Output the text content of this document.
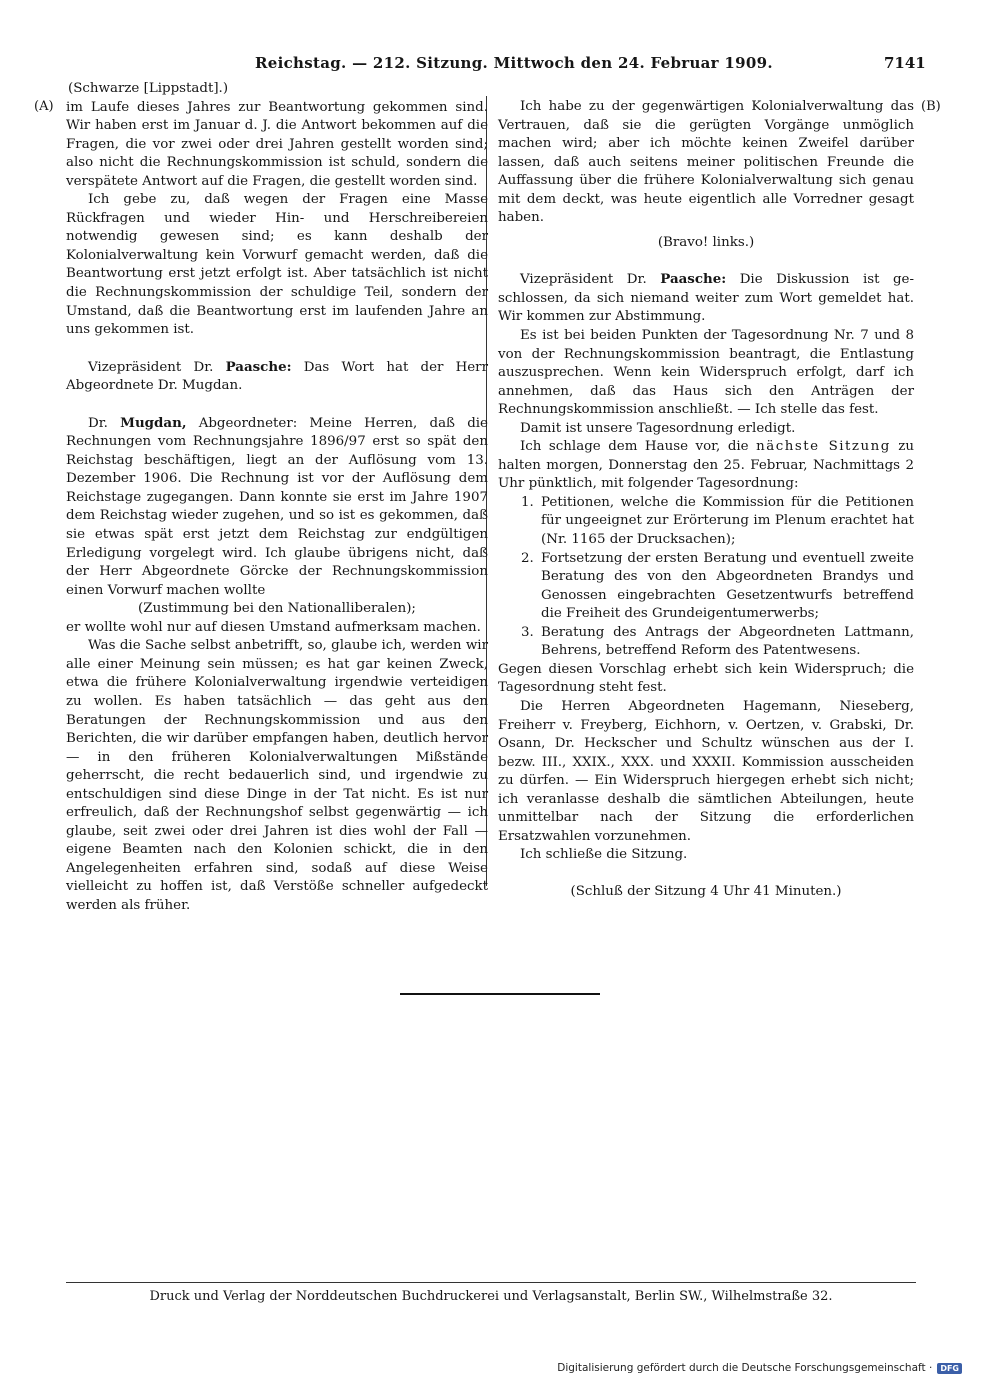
Reichstag. — 212. Sitzung. Mittwoch den 24. Februar 1909.	7141
(A)	(B)

(Schwarze [Lippstadt].)

im Laufe dieses Jahres zur Beantwortung gekommen sind. Wir haben erst im Januar d. J. die Antwort bekommen auf die Fragen, die vor zwei oder drei Jahren gestellt worden sind; also nicht die Rechnungskommission ist schuld, sondern die verspätete Antwort auf die Fragen, die gestellt worden sind.

Ich gebe zu, daß wegen der Fragen eine Masse Rückfragen und wieder Hin- und Herschreibereien notwendig gewesen sind; es kann deshalb der Kolonialverwaltung kein Vorwurf gemacht werden, daß die Beantwortung erst jetzt erfolgt ist. Aber tatsächlich ist nicht die Rechnungskommission der schuldige Teil, sondern der Umstand, daß die Beantwortung erst im laufenden Jahre an uns gekommen ist.

Vizepräsident Dr. Paasche: Das Wort hat der Herr Abgeordnete Dr. Mugdan.

Dr. Mugdan, Abgeordneter: Meine Herren, daß die Rechnungen vom Rechnungsjahre 1896/97 erst so spät den Reichstag beschäftigen, liegt an der Auflösung vom 13. Dezember 1906. Die Rechnung ist vor der Auflösung dem Reichstage zugegangen. Dann konnte sie erst im Jahre 1907 dem Reichstag wieder zugehen, und so ist es gekommen, daß sie etwas spät erst jetzt dem Reichstag zur endgültigen Erledigung vorgelegt wird. Ich glaube übrigens nicht, daß der Herr Abgeordnete Görcke der Rechnungskommission einen Vorwurf machen wollte

(Zustimmung bei den Nationalliberalen);

er wollte wohl nur auf diesen Umstand aufmerksam machen.

Was die Sache selbst anbetrifft, so, glaube ich, werden wir alle einer Meinung sein müssen; es hat gar keinen Zweck, etwa die frühere Kolonialverwaltung irgendwie verteidigen zu wollen. Es haben tatsächlich — das geht aus den Beratungen der Rechnungskommission und aus den Berichten, die wir darüber empfangen haben, deutlich hervor — in den früheren Kolonialverwaltungen Mißstände geherrscht, die recht bedauerlich sind, und irgendwie zu entschuldigen sind diese Dinge in der Tat nicht. Es ist nur erfreulich, daß der Rechnungshof selbst gegenwärtig — ich glaube, seit zwei oder drei Jahren ist dies wohl der Fall — eigene Beamten nach den Kolonien schickt, die in den Angelegenheiten erfahren sind, sodaß auf diese Weise vielleicht zu hoffen ist, daß Verstöße schneller aufgedeckt werden als früher.

Ich habe zu der gegenwärtigen Kolonialverwaltung das Vertrauen, daß sie die gerügten Vorgänge unmöglich machen wird; aber ich möchte keinen Zweifel darüber lassen, daß auch seitens meiner politischen Freunde die Auffassung über die frühere Kolonialverwaltung sich genau mit dem deckt, was heute eigentlich alle Vorredner gesagt haben.

(Bravo! links.)

Vizepräsident Dr. Paasche: Die Diskussion ist geschlossen, da sich niemand weiter zum Wort gemeldet hat. Wir kommen zur Abstimmung.

Es ist bei beiden Punkten der Tagesordnung Nr. 7 und 8 von der Rechnungskommission beantragt, die Entlastung auszusprechen. Wenn kein Widerspruch erfolgt, darf ich annehmen, daß das Haus sich den Anträgen der Rechnungskommission anschließt. — Ich stelle das fest.

Damit ist unsere Tagesordnung erledigt.

Ich schlage dem Hause vor, die nächste Sitzung zu halten morgen, Donnerstag den 25. Februar, Nachmittags 2 Uhr pünktlich, mit folgender Tagesordnung:

1. Petitionen, welche die Kommission für die Petitionen für ungeeignet zur Erörterung im Plenum erachtet hat (Nr. 1165 der Drucksachen);
2. Fortsetzung der ersten Beratung und eventuell zweite Beratung des von den Abgeordneten Brandys und Genossen eingebrachten Gesetzentwurfs betreffend die Freiheit des Grundeigentumerwerbs;
3. Beratung des Antrags der Abgeordneten Lattmann, Behrens, betreffend Reform des Patentwesens.

Gegen diesen Vorschlag erhebt sich kein Widerspruch; die Tagesordnung steht fest.

Die Herren Abgeordneten Hagemann, Nieseberg, Freiherr v. Freyberg, Eichhorn, v. Oertzen, v. Grabski, Dr. Osann, Dr. Heckscher und Schultz wünschen aus der I. bezw. III., XXIX., XXX. und XXXII. Kommission ausscheiden zu dürfen. — Ein Widerspruch hiergegen erhebt sich nicht; ich veranlasse deshalb die sämtlichen Abteilungen, heute unmittelbar nach der Sitzung die erforderlichen Ersatzwahlen vorzunehmen.

Ich schließe die Sitzung.

(Schluß der Sitzung 4 Uhr 41 Minuten.)

Druck und Verlag der Norddeutschen Buchdruckerei und Verlagsanstalt, Berlin SW., Wilhelmstraße 32.
Digitalisierung gefördert durch die Deutsche Forschungsgemeinschaft ·	DFG
